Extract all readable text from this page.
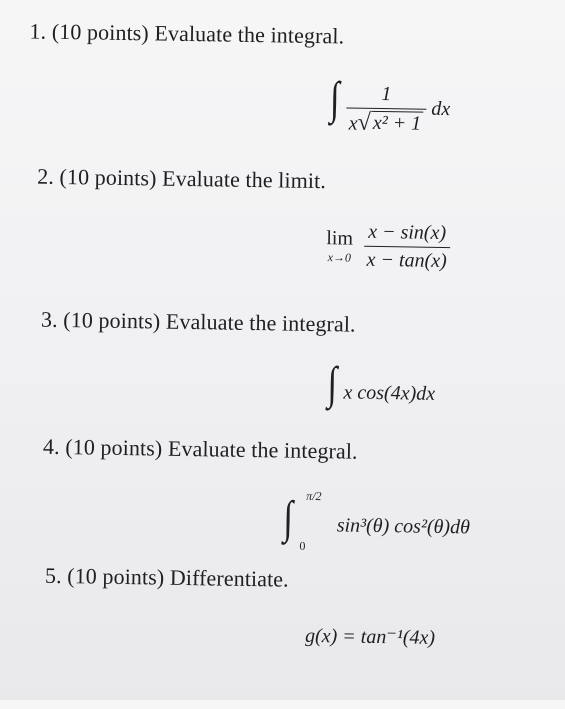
1. (10 points) Evaluate the integral.
∫ $\frac{1}{\text{x √ x² + 1}}$ dx
2. (10 points) Evaluate the limit.
lim
x→0
$\frac{x - \sin(x)}{x - \tan(x)}$
3. (10 points) Evaluate the integral.
∫ x cos(4x)dx
4. (10 points) Evaluate the integral.
∫ π/2
0
sin³(θ) cos²(θ)dθ
5. (10 points) Differentiate.
g(x) = tan⁻¹(4x)
